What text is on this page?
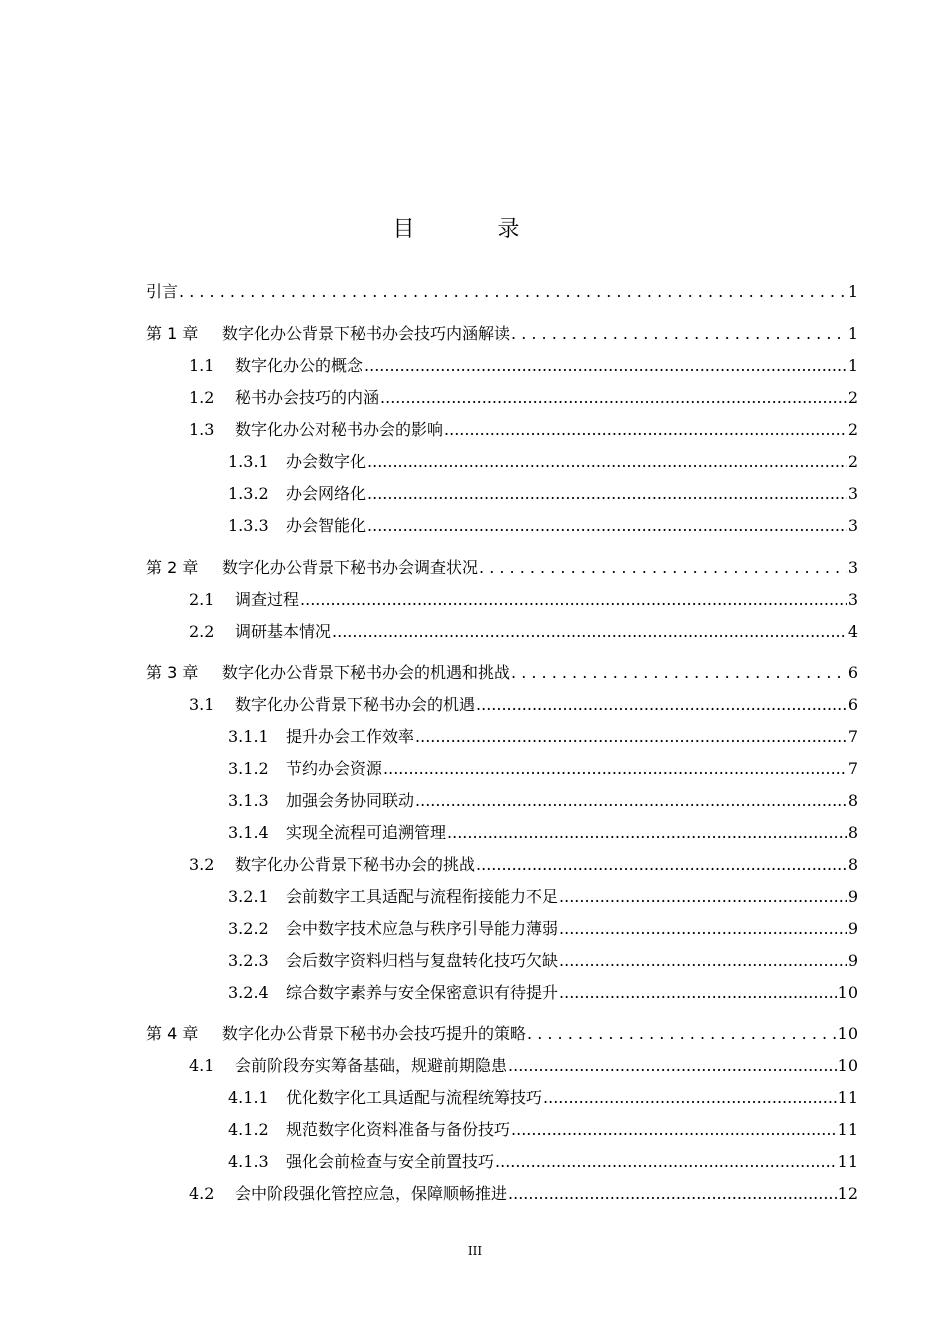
目 录
引言 . . .	1
第 1 章	数字化办公背景下秘书办会技巧内涵解读 . . .	1
1.1	数字化办公的概念 .....	1
1.2	秘书办会技巧的内涵 .....	2
1.3	数字化办公对秘书办会的影响 .....	2
1.3.1	办会数字化 .....	2
1.3.2	办会网络化 .....	3
1.3.3	办会智能化 .....	3
第 2 章	数字化办公背景下秘书办会调查状况 . . .	3
2.1	调查过程 .....	3
2.2	调研基本情况 .....	4
第 3 章	数字化办公背景下秘书办会的机遇和挑战 . . .	6
3.1	数字化办公背景下秘书办会的机遇 .....	6
3.1.1	提升办会工作效率 .....	7
3.1.2	节约办会资源 .....	7
3.1.3	加强会务协同联动 .....	8
3.1.4	实现全流程可追溯管理 .....	8
3.2	数字化办公背景下秘书办会的挑战 .....	8
3.2.1	会前数字工具适配与流程衔接能力不足 .....	9
3.2.2	会中数字技术应急与秩序引导能力薄弱 .....	9
3.2.3	会后数字资料归档与复盘转化技巧欠缺 .....	9
3.2.4	综合数字素养与安全保密意识有待提升 .....	10
第 4 章	数字化办公背景下秘书办会技巧提升的策略 . . .	10
4.1	会前阶段夯实筹备基础，规避前期隐患 .....	10
4.1.1	优化数字化工具适配与流程统筹技巧 .....	11
4.1.2	规范数字化资料准备与备份技巧 .....	11
4.1.3	强化会前检查与安全前置技巧 .....	11
4.2	会中阶段强化管控应急，保障顺畅推进 .....	12
III
